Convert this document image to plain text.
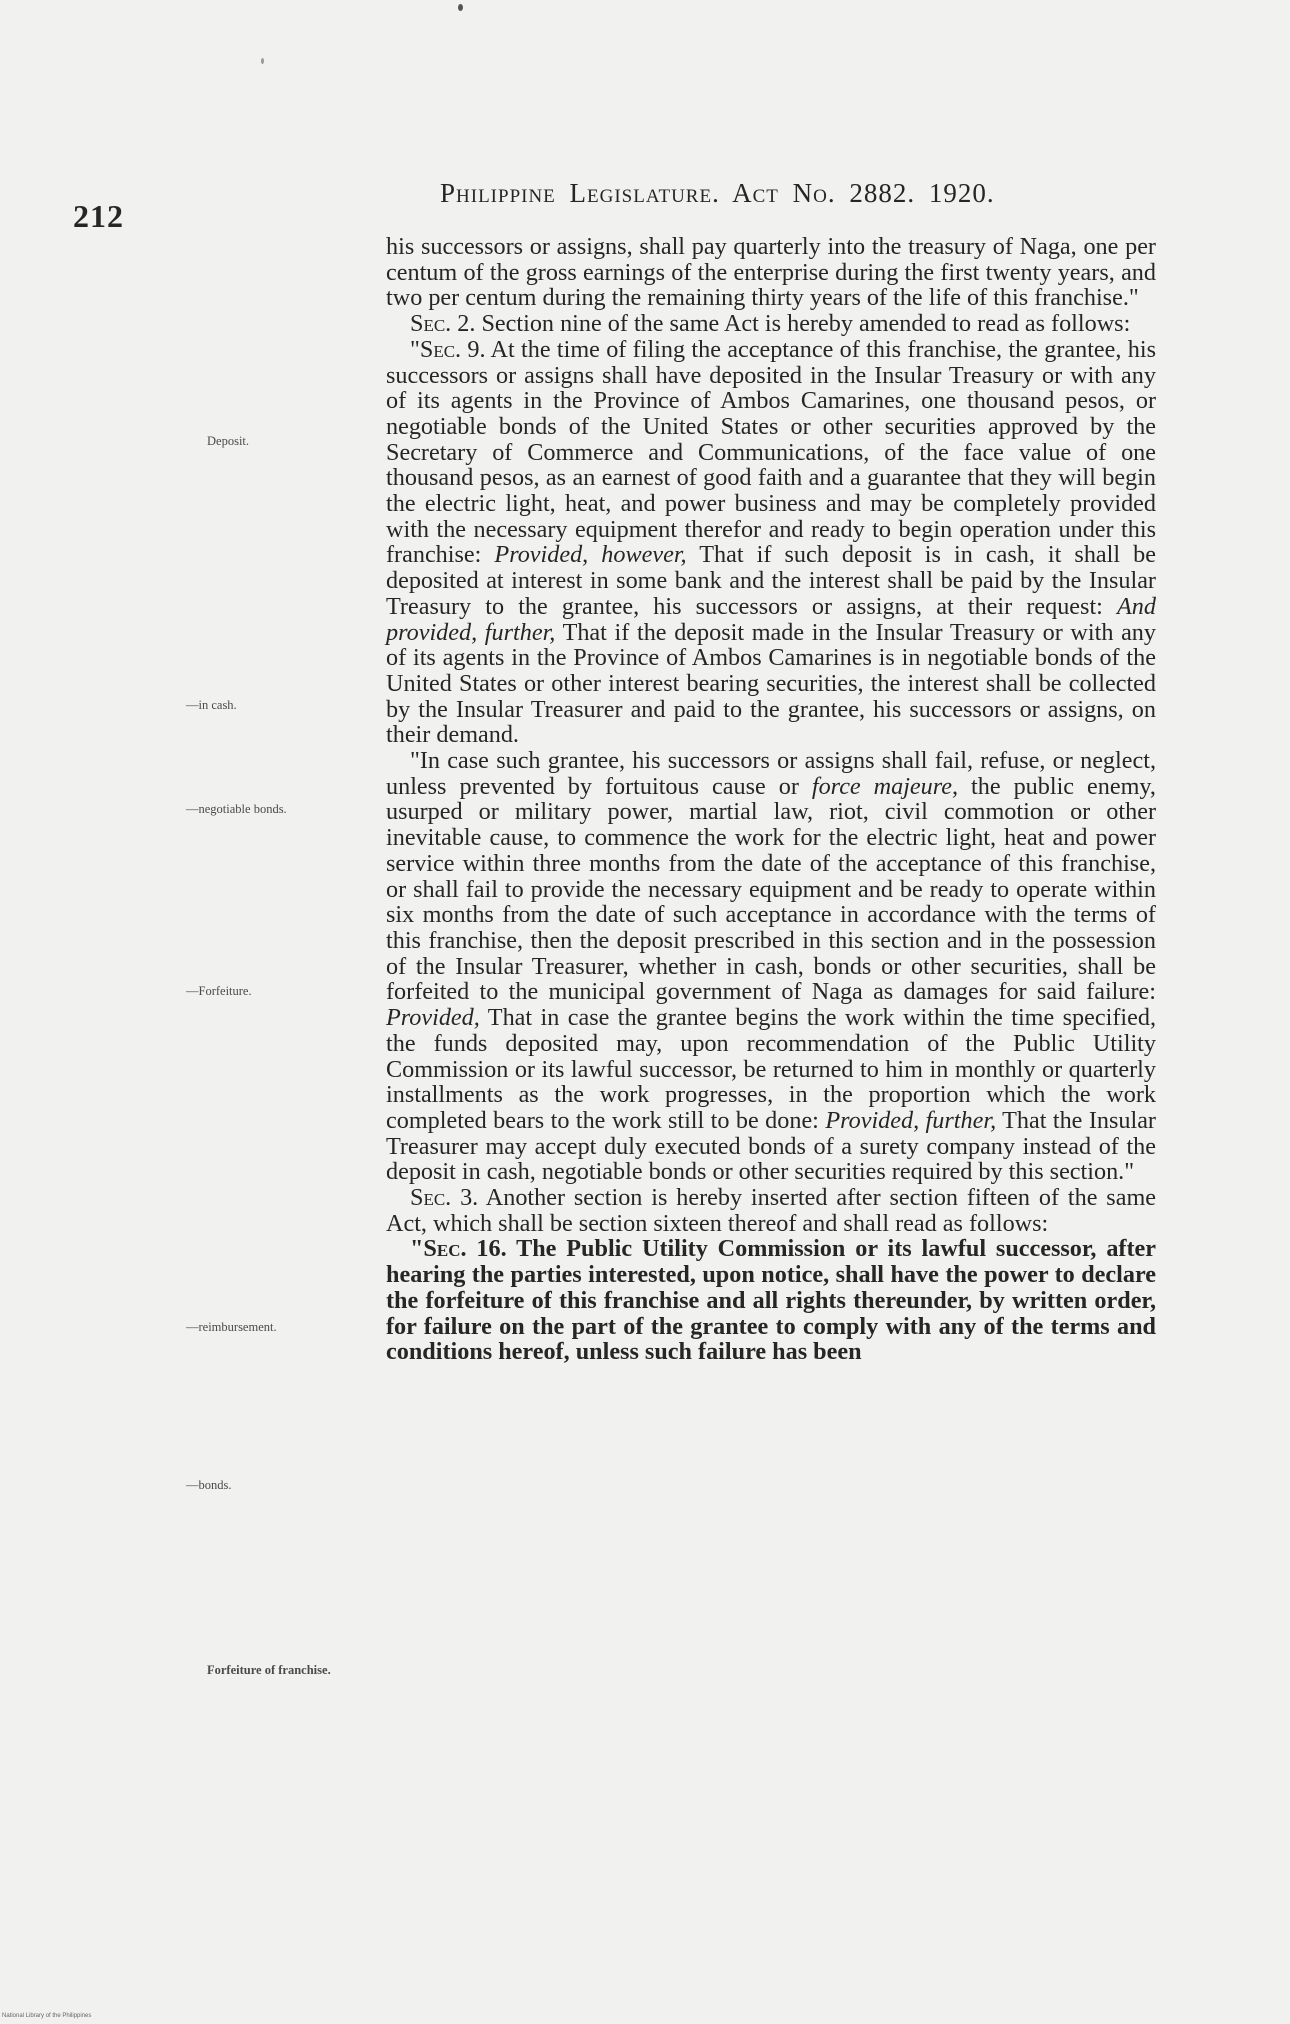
212
Philippine Legislature. Act No. 2882. 1920.
Deposit.
—in cash.
—negotiable bonds.
—Forfeiture.
—reimbursement.
—bonds.
Forfeiture of franchise.

his successors or assigns, shall pay quarterly into the treasury of Naga, one per centum of the gross earnings of the enterprise during the first twenty years, and two per centum during the remaining thirty years of the life of this franchise."

Sec. 2. Section nine of the same Act is hereby amended to read as follows:

"Sec. 9. At the time of filing the acceptance of this franchise, the grantee, his successors or assigns shall have deposited in the Insular Treasury or with any of its agents in the Province of Ambos Camarines, one thousand pesos, or negotiable bonds of the United States or other securities approved by the Secretary of Commerce and Communications, of the face value of one thousand pesos, as an earnest of good faith and a guarantee that they will begin the electric light, heat, and power business and may be completely provided with the necessary equipment therefor and ready to begin operation under this franchise: Provided, however, That if such deposit is in cash, it shall be deposited at interest in some bank and the interest shall be paid by the Insular Treasury to the grantee, his successors or assigns, at their request: And provided, further, That if the deposit made in the Insular Treasury or with any of its agents in the Province of Ambos Camarines is in negotiable bonds of the United States or other interest bearing securities, the interest shall be collected by the Insular Treasurer and paid to the grantee, his successors or assigns, on their demand.

"In case such grantee, his successors or assigns shall fail, refuse, or neglect, unless prevented by fortuitous cause or force majeure, the public enemy, usurped or military power, martial law, riot, civil commotion or other inevitable cause, to commence the work for the electric light, heat and power service within three months from the date of the acceptance of this franchise, or shall fail to provide the necessary equipment and be ready to operate within six months from the date of such acceptance in accordance with the terms of this franchise, then the deposit prescribed in this section and in the possession of the Insular Treasurer, whether in cash, bonds or other securities, shall be forfeited to the municipal government of Naga as damages for said failure: Provided, That in case the grantee begins the work within the time specified, the funds deposited may, upon recommendation of the Public Utility Commission or its lawful successor, be returned to him in monthly or quarterly installments as the work progresses, in the proportion which the work completed bears to the work still to be done: Provided, further, That the Insular Treasurer may accept duly executed bonds of a surety company instead of the deposit in cash, negotiable bonds or other securities required by this section."

Sec. 3. Another section is hereby inserted after section fifteen of the same Act, which shall be section sixteen thereof and shall read as follows:

"Sec. 16. The Public Utility Commission or its lawful successor, after hearing the parties interested, upon notice, shall have the power to declare the forfeiture of this franchise and all rights thereunder, by written order, for failure on the part of the grantee to comply with any of the terms and conditions hereof, unless such failure has been

National Library of the Philippines
